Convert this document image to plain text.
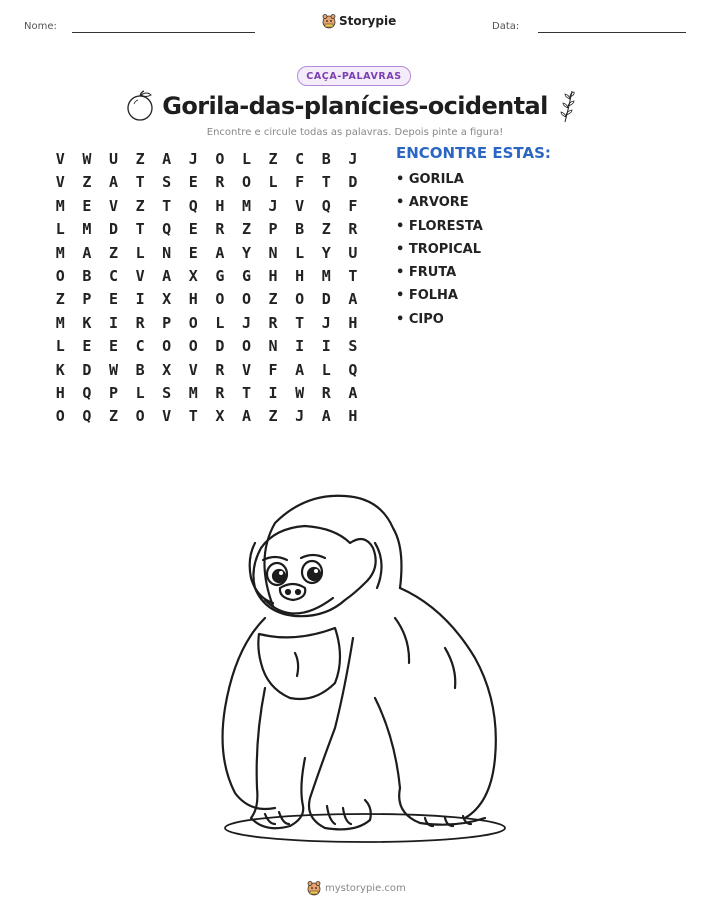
Nome:	Storypie	Data:
CAÇA-PALAVRAS
Gorila-das-planícies-ocidental
Encontre e circule todas as palavras. Depois pinte a figura!
V	W	U	Z	A	J	O	L	Z	C	B	J
V	Z	A	T	S	E	R	O	L	F	T	D
M	E	V	Z	T	Q	H	M	J	V	Q	F
L	M	D	T	Q	E	R	Z	P	B	Z	R
M	A	Z	L	N	E	A	Y	N	L	Y	U
O	B	C	V	A	X	G	G	H	H	M	T
Z	P	E	I	X	H	O	O	Z	O	D	A
M	K	I	R	P	O	L	J	R	T	J	H
L	E	E	C	O	O	D	O	N	I	I	S
K	D	W	B	X	V	R	V	F	A	L	Q
H	Q	P	L	S	M	R	T	I	W	R	A
O	Q	Z	O	V	T	X	A	Z	J	A	H
ENCONTRE ESTAS:
• GORILA
• ARVORE
• FLORESTA
• TROPICAL
• FRUTA
• FOLHA
• CIPO
mystorypie.com
